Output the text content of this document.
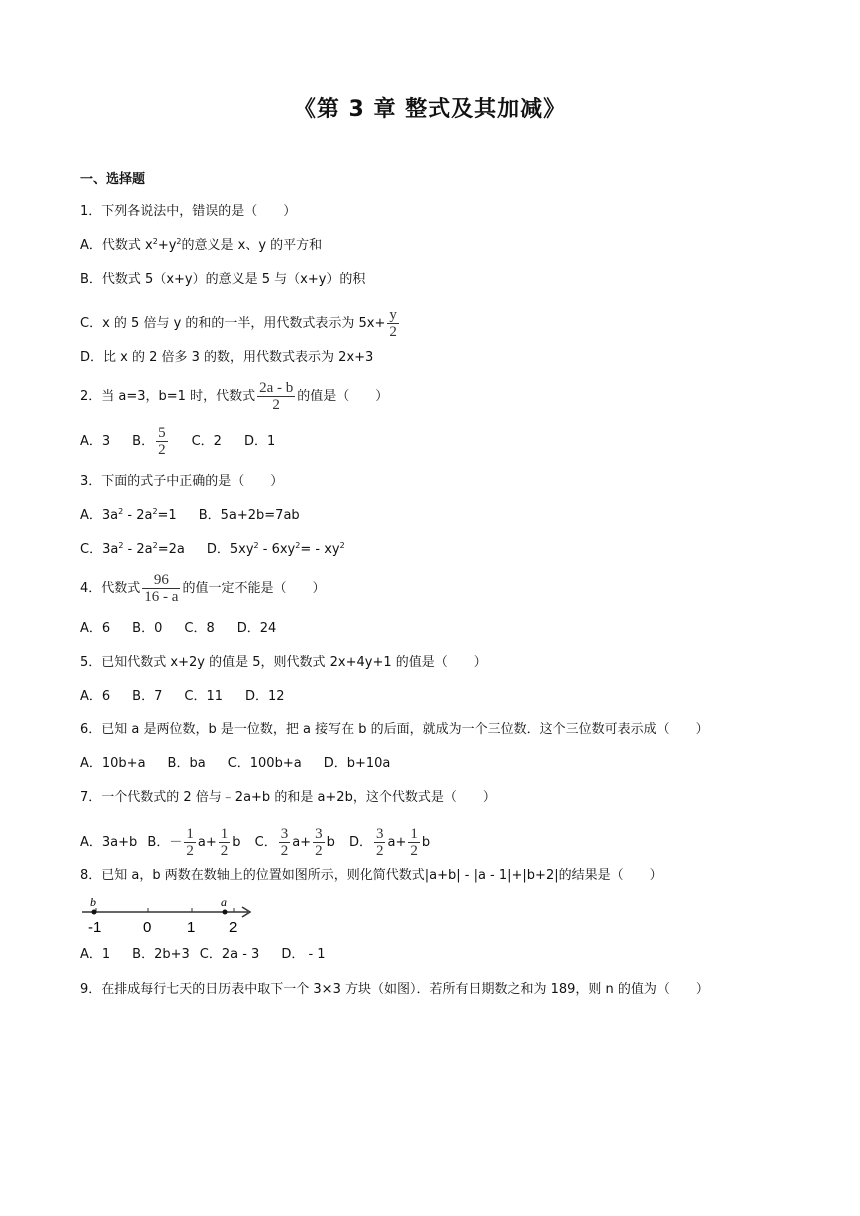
《第 3 章 整式及其加减》
一、选择题
1．下列各说法中，错误的是（　　）
A．代数式 $x^2+y^2$的意义是 x、y 的平方和
B．代数式 5（x+y）的意义是 5 与（x+y）的积
C．x 的 5 倍与 y 的和的一半，用代数式表示为 $5x+ \frac{y}{2}$
D．比 x 的 2 倍多 3 的数，用代数式表示为 2x+3
2．当 a=3，b=1 时，代数式 $\frac{2a - b}{2}$ 的值是（　　）
A．3 B． $\frac{5}{2}$ C．2 D．1
3．下面的式子中正确的是（　　）
A．$3a^2 - 2a^2=1$ B．5a+2b=7ab
C．$3a^2 - 2a^2=2a$ D．$5xy^2 - 6xy^2= - xy^2$
4．代数式 $\frac{96}{16 - a}$ 的值一定不能是（　　）
A．6 B．0 C．8 D．24
5．已知代数式 x+2y 的值是 5，则代数式 2x+4y+1 的值是（　　）
A．6 B．7 C．11 D．12
6．已知 a 是两位数，b 是一位数，把 a 接写在 b 的后面，就成为一个三位数．这个三位数可表示成（　　）
A．10b+a B．ba C．100b+a D．b+10a
7．一个代数式的 2 倍与﹣2a+b 的和是 a+2b，这个代数式是（　　）
A．3a+b B．－ $\frac{1}{2} a+ \frac{1}{2}$ b C． $\frac{3}{2} a+ \frac{3}{2}$ b D． $\frac{3}{2} a+ \frac{1}{2}$ b
8．已知 a，b 两数在数轴上的位置如图所示，则化简代数式|a+b| - |a - 1|+|b+2|的结果是（　　）
b	a
-1	0 1 2
A．1 B．2b+3 C．2a - 3 D． - 1
9．在排成每行七天的日历表中取下一个 3×3 方块（如图）．若所有日期数之和为 189，则 n 的值为（　　）
